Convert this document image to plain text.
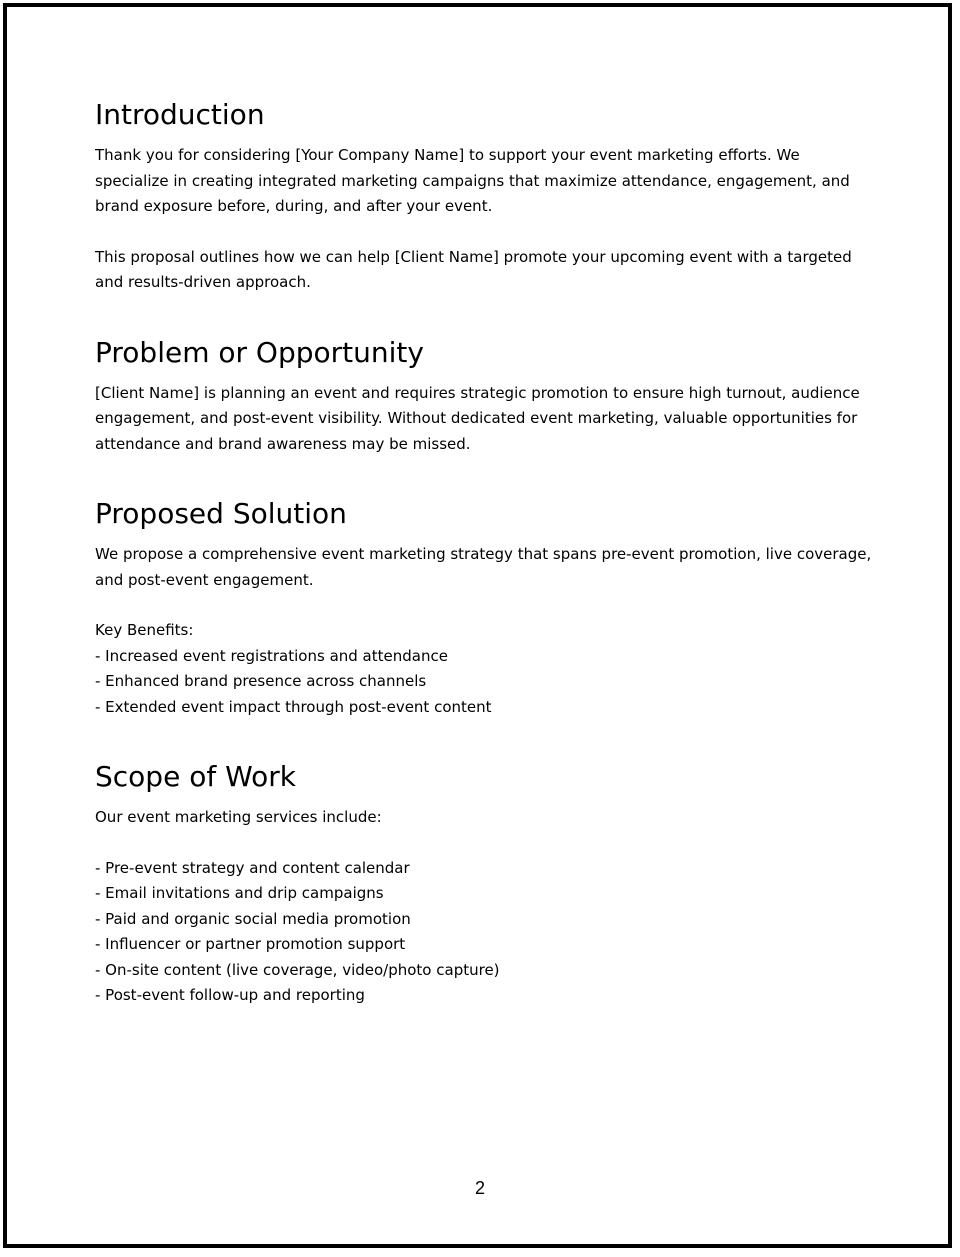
Introduction

Thank you for considering [Your Company Name] to support your event marketing efforts. We specialize in creating integrated marketing campaigns that maximize attendance, engagement, and brand exposure before, during, and after your event.

This proposal outlines how we can help [Client Name] promote your upcoming event with a targeted and results-driven approach.

Problem or Opportunity

[Client Name] is planning an event and requires strategic promotion to ensure high turnout, audience engagement, and post-event visibility. Without dedicated event marketing, valuable opportunities for attendance and brand awareness may be missed.

Proposed Solution

We propose a comprehensive event marketing strategy that spans pre-event promotion, live coverage, and post-event engagement.

Key Benefits:
- Increased event registrations and attendance
- Enhanced brand presence across channels
- Extended event impact through post-event content
Scope of Work
Our event marketing services include:
- Pre-event strategy and content calendar
- Email invitations and drip campaigns
- Paid and organic social media promotion
- Influencer or partner promotion support
- On-site content (live coverage, video/photo capture)
- Post-event follow-up and reporting
2
